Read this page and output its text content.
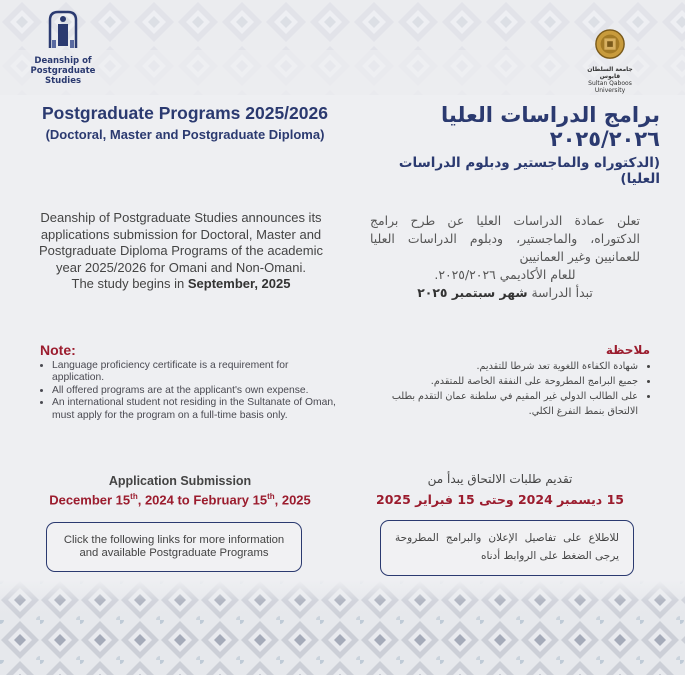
Deanship of
Postgraduate Studies
جامعة السلطان قابوس
Sultan Qaboos University
Postgraduate Programs 2025/2026
(Doctoral, Master and Postgraduate Diploma)
برامج الدراسات العليا ٢٠٢٥/٢٠٢٦
(الدكتوراه والماجستير ودبلوم الدراسات العليا)
Deanship of Postgraduate Studies announces its applications submission for Doctoral, Master and Postgraduate Diploma Programs of the academic year 2025/2026 for Omani and Non-Omani.
The study begins in September, 2025
تعلن عمادة الدراسات العليا عن طرح برامج الدكتوراه، والماجستير، ودبلوم الدراسات العليا للعمانيين وغير العمانيين
للعام الأكاديمي ٢٠٢٥/٢٠٢٦.
تبدأ الدراسة شهر سبتمبر ٢٠٢٥
Note:
• Language proficiency certificate is a requirement for application.
• All offered programs are at the applicant's own expense.
• An international student not residing in the Sultanate of Oman, must apply for the program on a full-time basis only.
ملاحظة
• شهادة الكفاءة اللغوية تعد شرطا للتقديم.
• جميع البرامج المطروحة على النفقة الخاصة للمتقدم.
• على الطالب الدولي غير المقيم في سلطنة عمان التقدم بطلب الالتحاق بنمط التفرغ الكلي.
Application Submission
December 15th, 2024 to February 15th, 2025
تقديم طلبات الالتحاق يبدأ من
15 ديسمبر 2024 وحتى 15 فبراير 2025
Click the following links for more information and available Postgraduate Programs
للاطلاع على تفاصيل الإعلان والبرامج المطروحة يرجى الضغط على الروابط أدناه
